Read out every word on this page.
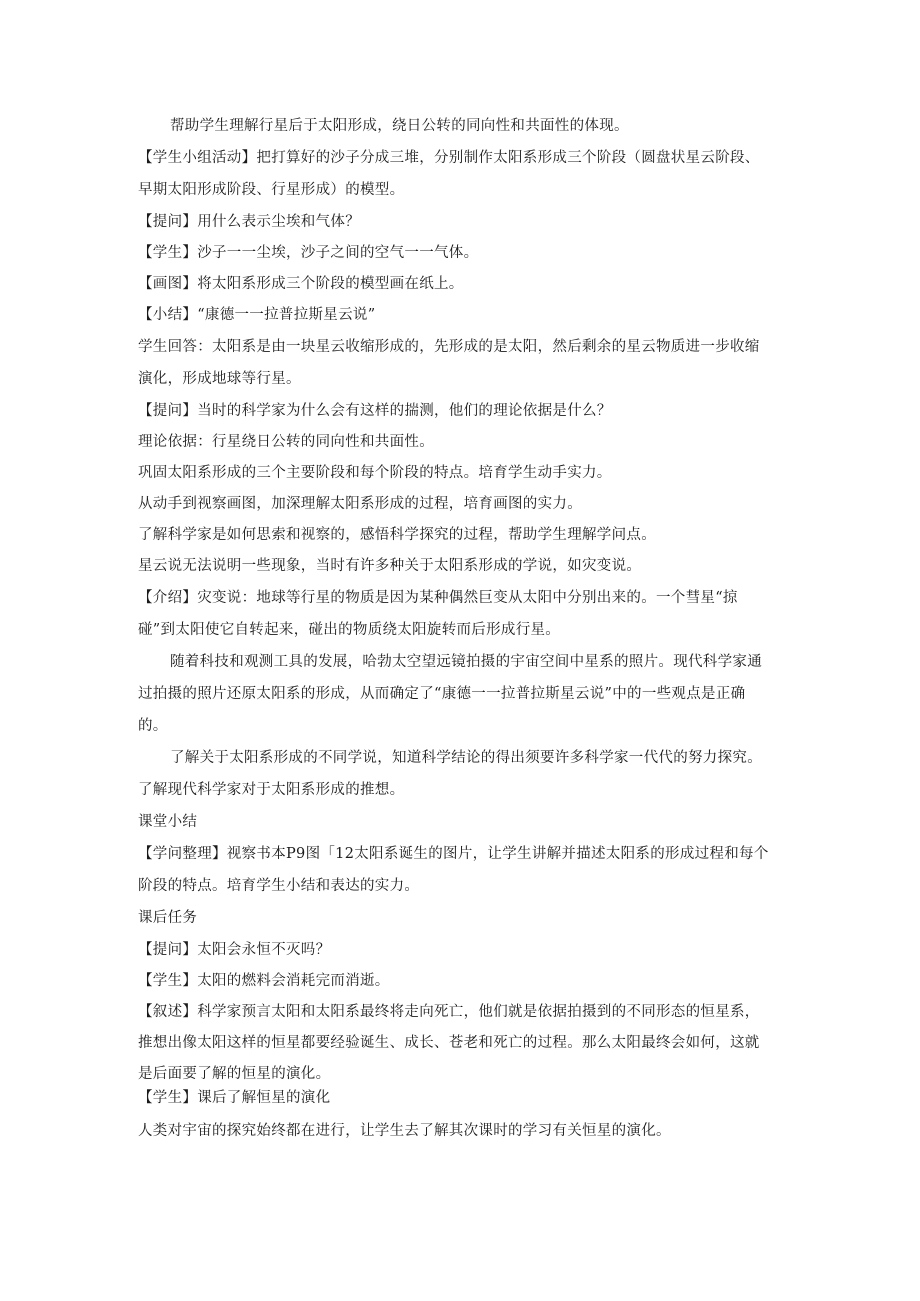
帮助学生理解行星后于太阳形成，绕日公转的同向性和共面性的体现。
【学生小组活动】把打算好的沙子分成三堆，分别制作太阳系形成三个阶段（圆盘状星云阶段、
早期太阳形成阶段、行星形成）的模型。
【提问】用什么表示尘埃和气体？
【学生】沙子一一尘埃，沙子之间的空气一一气体。
【画图】将太阳系形成三个阶段的模型画在纸上。
【小结】“康德一一拉普拉斯星云说”
学生回答：太阳系是由一块星云收缩形成的，先形成的是太阳，然后剩余的星云物质进一步收缩
演化，形成地球等行星。
【提问】当时的科学家为什么会有这样的揣测，他们的理论依据是什么？
理论依据：行星绕日公转的同向性和共面性。
巩固太阳系形成的三个主要阶段和每个阶段的特点。培育学生动手实力。
从动手到视察画图，加深理解太阳系形成的过程，培育画图的实力。
了解科学家是如何思索和视察的，感悟科学探究的过程，帮助学生理解学问点。
星云说无法说明一些现象，当时有许多种关于太阳系形成的学说，如灾变说。
【介绍】灾变说：地球等行星的物质是因为某种偶然巨变从太阳中分别出来的。一个彗星“掠
碰”到太阳使它自转起来，碰出的物质绕太阳旋转而后形成行星。
随着科技和观测工具的发展，哈勃太空望远镜拍摄的宇宙空间中星系的照片。现代科学家通
过拍摄的照片还原太阳系的形成，从而确定了“康德一一拉普拉斯星云说”中的一些观点是正确
的。
了解关于太阳系形成的不同学说，知道科学结论的得出须要许多科学家一代代的努力探究。
了解现代科学家对于太阳系形成的推想。
课堂小结
【学问整理】视察书本P9图「12太阳系诞生的图片，让学生讲解并描述太阳系的形成过程和每个
阶段的特点。培育学生小结和表达的实力。
课后任务
【提问】太阳会永恒不灭吗？
【学生】太阳的燃料会消耗完而消逝。
【叙述】科学家预言太阳和太阳系最终将走向死亡，他们就是依据拍摄到的不同形态的恒星系，
推想出像太阳这样的恒星都要经验诞生、成长、苍老和死亡的过程。那么太阳最终会如何，这就
是后面要了解的恒星的演化。
【学生】课后了解恒星的演化
人类对宇宙的探究始终都在进行，让学生去了解其次课时的学习有关恒星的演化。
